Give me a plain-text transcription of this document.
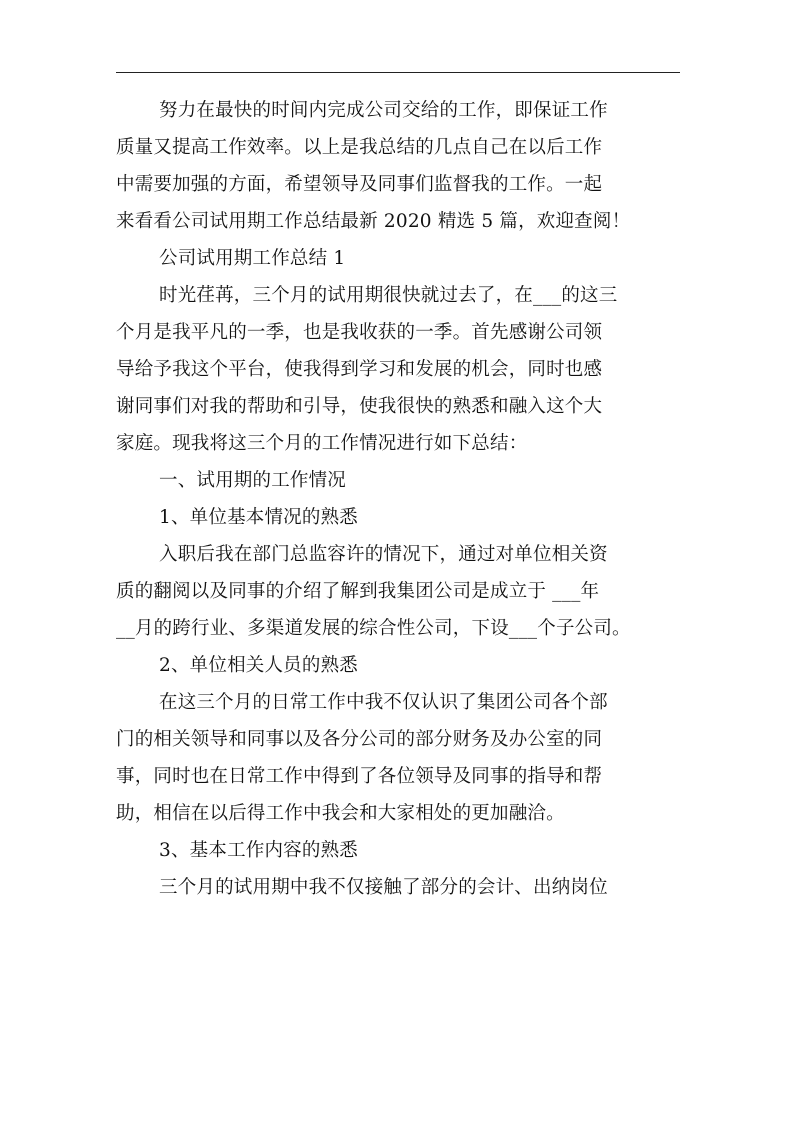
努力在最快的时间内完成公司交给的工作，即保证工作
质量又提高工作效率。以上是我总结的几点自己在以后工作
中需要加强的方面，希望领导及同事们监督我的工作。一起
来看看公司试用期工作总结最新 2020 精选 5 篇，欢迎查阅！
公司试用期工作总结 1
时光荏苒，三个月的试用期很快就过去了，在___的这三
个月是我平凡的一季，也是我收获的一季。首先感谢公司领
导给予我这个平台，使我得到学习和发展的机会，同时也感
谢同事们对我的帮助和引导，使我很快的熟悉和融入这个大
家庭。现我将这三个月的工作情况进行如下总结：
一、试用期的工作情况
1、单位基本情况的熟悉
入职后我在部门总监容许的情况下，通过对单位相关资
质的翻阅以及同事的介绍了解到我集团公司是成立于 ___年
__月的跨行业、多渠道发展的综合性公司，下设___个子公司。
2、单位相关人员的熟悉
在这三个月的日常工作中我不仅认识了集团公司各个部
门的相关领导和同事以及各分公司的部分财务及办公室的同
事，同时也在日常工作中得到了各位领导及同事的指导和帮
助，相信在以后得工作中我会和大家相处的更加融洽。
3、基本工作内容的熟悉
三个月的试用期中我不仅接触了部分的会计、出纳岗位
